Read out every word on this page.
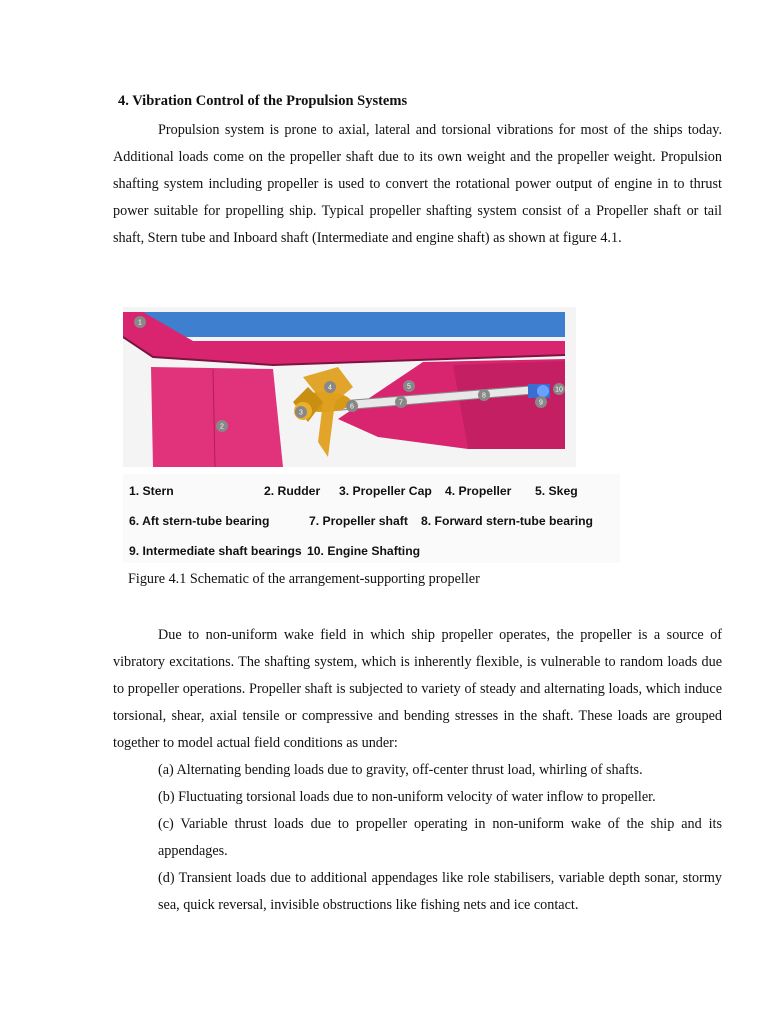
4. Vibration Control of the Propulsion Systems

Propulsion system is prone to axial, lateral and torsional vibrations for most of the ships today. Additional loads come on the propeller shaft due to its own weight and the propeller weight. Propulsion shafting system including propeller is used to convert the rotational power output of engine in to thrust power suitable for propelling ship. Typical propeller shafting system consist of a Propeller shaft or tail shaft, Stern tube and Inboard shaft (Intermediate and engine shaft) as shown at figure 4.1.

1
2
3
4	5
6
7
8
9
10
1. Stern	2. Rudder 3. Propeller Cap 4. Propeller 5. Skeg
6. Aft stern-tube bearing	7. Propeller shaft 8. Forward stern-tube bearing
9. Intermediate shaft bearings 10. Engine Shafting
Figure 4.1 Schematic of the arrangement-supporting propeller

Due to non-uniform wake field in which ship propeller operates, the propeller is a source of vibratory excitations. The shafting system, which is inherently flexible, is vulnerable to random loads due to propeller operations. Propeller shaft is subjected to variety of steady and alternating loads, which induce torsional, shear, axial tensile or compressive and bending stresses in the shaft. These loads are grouped together to model actual field conditions as under:

(a) Alternating bending loads due to gravity, off-center thrust load, whirling of shafts.
(b) Fluctuating torsional loads due to non-uniform velocity of water inflow to propeller.
(c) Variable thrust loads due to propeller operating in non-uniform wake of the ship and its appendages.
(d) Transient loads due to additional appendages like role stabilisers, variable depth sonar, stormy sea, quick reversal, invisible obstructions like fishing nets and ice contact.
